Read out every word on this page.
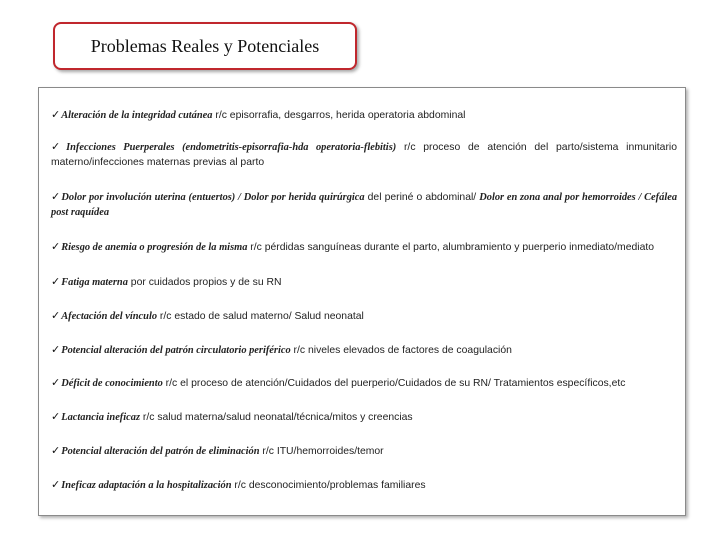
Problemas Reales y Potenciales
✓Alteración de la integridad cutánea r/c episorrafia, desgarros, herida operatoria abdominal
✓Infecciones Puerperales (endometritis-episorrafia-hda operatoria-flebitis) r/c proceso de atención del parto/sistema inmunitario materno/infecciones maternas previas al parto
✓Dolor por involución uterina (entuertos) / Dolor por herida quirúrgica del periné o abdominal/ Dolor en zona anal por hemorroides / Cefálea post raquídea
✓Riesgo de anemia o progresión de la misma r/c pérdidas sanguíneas durante el parto, alumbramiento y puerperio inmediato/mediato
✓Fatiga materna por cuidados propios y de su RN
✓Afectación del vínculo r/c estado de salud materno/ Salud neonatal
✓Potencial alteración del patrón circulatorio periférico r/c niveles elevados de factores de coagulación
✓Déficit de conocimiento r/c el proceso de atención/Cuidados del puerperio/Cuidados de su RN/ Tratamientos específicos,etc
✓Lactancia ineficaz r/c salud materna/salud neonatal/técnica/mitos y creencias
✓Potencial alteración del patrón de eliminación r/c ITU/hemorroides/temor
✓Ineficaz adaptación a la hospitalización r/c desconocimiento/problemas familiares
